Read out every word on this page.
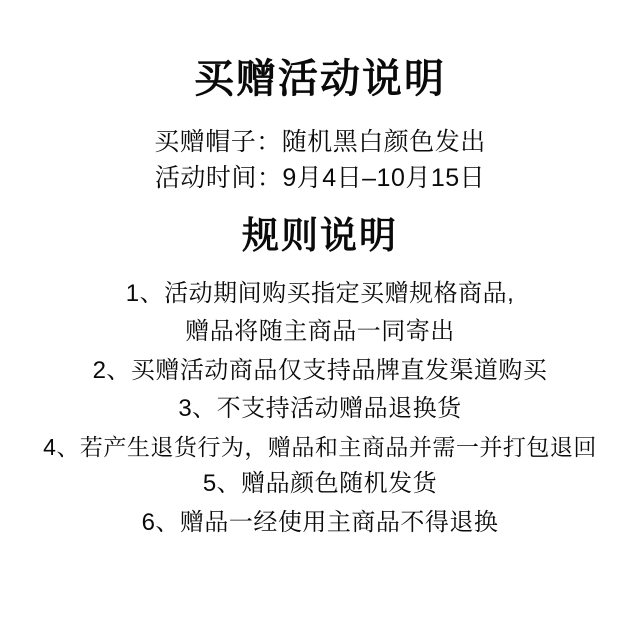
买赠活动说明

买赠帽子：随机黑白颜色发出

活动时间：9月4日–10月15日

规则说明
1、活动期间购买指定买赠规格商品,
赠品将随主商品一同寄出
2、买赠活动商品仅支持品牌直发渠道购买
3、不支持活动赠品退换货
4、若产生退货行为，赠品和主商品并需一并打包退回
5、赠品颜色随机发货
6、赠品一经使用主商品不得退换
